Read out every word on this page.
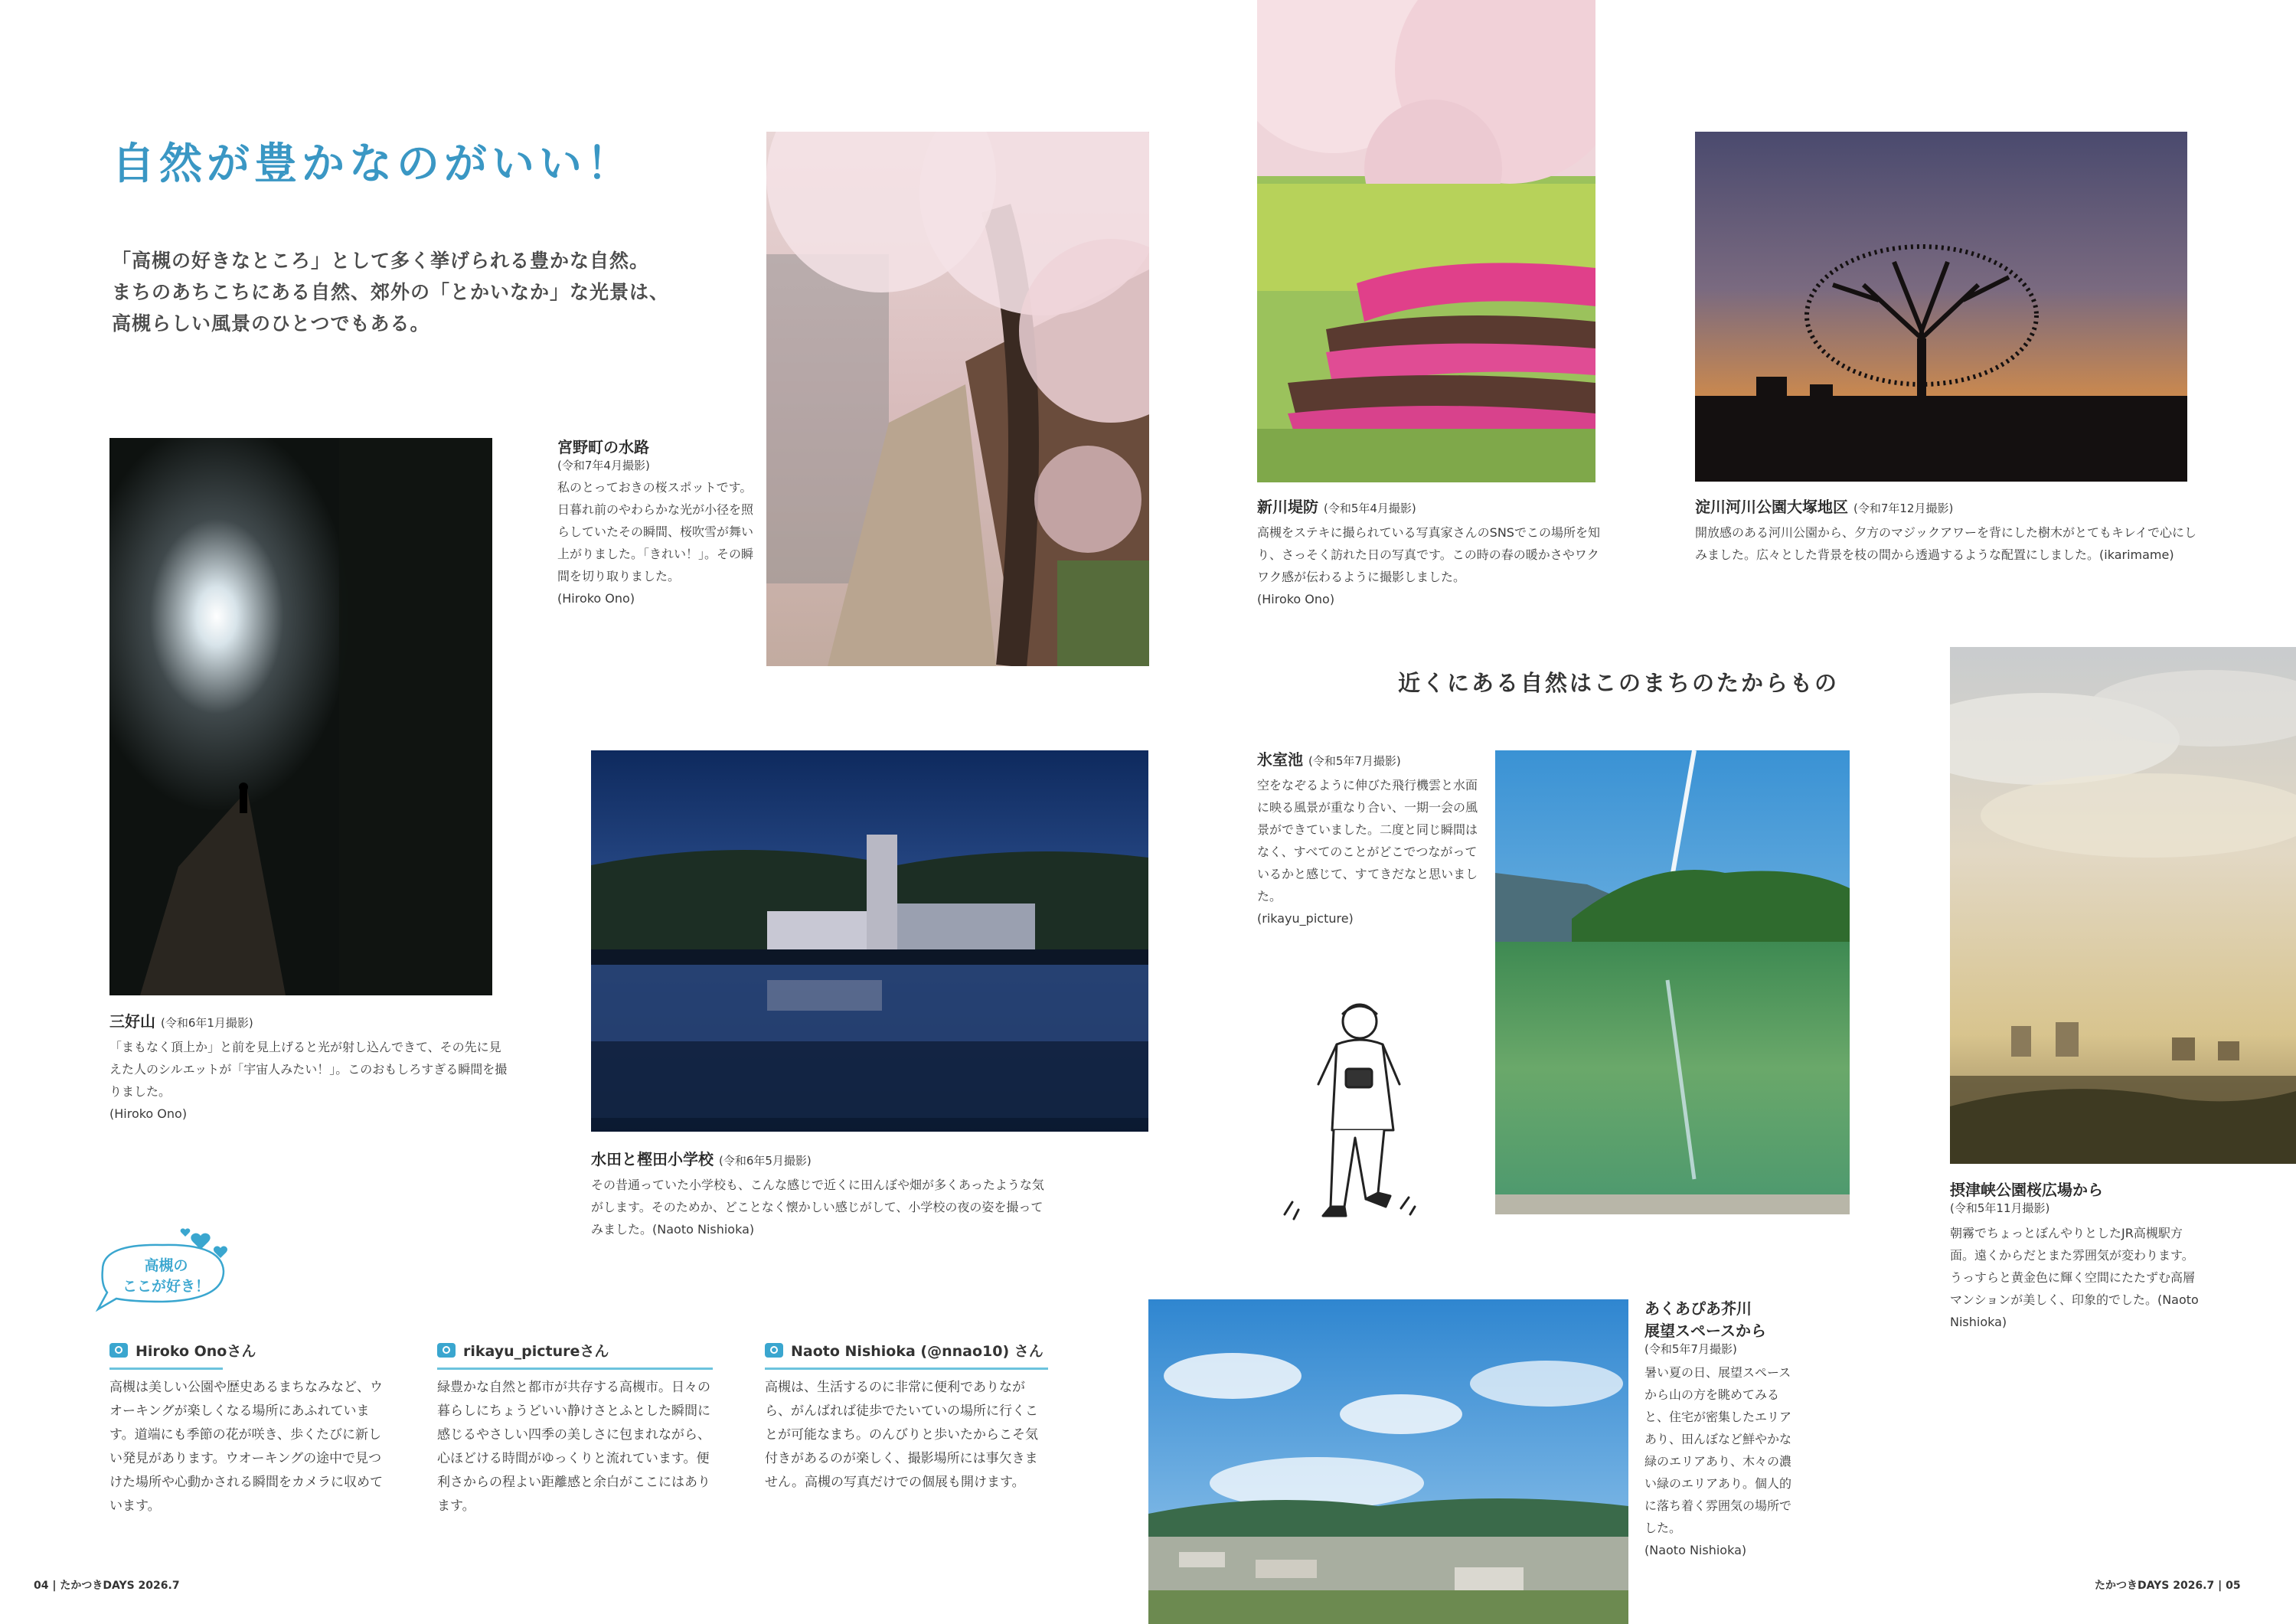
自然が豊かなのがいい！
「高槻の好きなところ」として多く挙げられる豊かな自然。
まちのあちこちにある自然、郊外の「とかいなか」な光景は、
高槻らしい風景のひとつでもある。
宮野町の水路
(令和7年4月撮影)
私のとっておきの桜スポットです。日暮れ前のやわらかな光が小径を照らしていたその瞬間、桜吹雪が舞い上がりました。「きれい！」。その瞬間を切り取りました。
(Hiroko Ono)
新川堤防 (令和5年4月撮影)
高槻をステキに撮られている写真家さんのSNSでこの場所を知り、さっそく訪れた日の写真です。この時の春の暖かさやワクワク感が伝わるように撮影しました。
(Hiroko Ono)
淀川河川公園大塚地区 (令和7年12月撮影)
開放感のある河川公園から、夕方のマジックアワーを背にした樹木がとてもキレイで心にしみました。広々とした背景を枝の間から透過するような配置にしました。(ikarimame)
三好山 (令和6年1月撮影)
「まもなく頂上か」と前を見上げると光が射し込んできて、その先に見えた人のシルエットが「宇宙人みたい！」。このおもしろすぎる瞬間を撮りました。
(Hiroko Ono)
水田と樫田小学校 (令和6年5月撮影)
その昔通っていた小学校も、こんな感じで近くに田んぼや畑が多くあったような気がします。そのためか、どことなく懐かしい感じがして、小学校の夜の姿を撮ってみました。(Naoto Nishioka)
近くにある自然はこのまちのたからもの
氷室池 (令和5年7月撮影)
空をなぞるように伸びた飛行機雲と水面に映る風景が重なり合い、一期一会の風景ができていました。二度と同じ瞬間はなく、すべてのことがどこでつながっているかと感じて、すてきだなと思いました。
(rikayu_picture)
摂津峡公園桜広場から
(令和5年11月撮影)
朝霧でちょっとぼんやりとしたJR高槻駅方面。遠くからだとまた雰囲気が変わります。うっすらと黄金色に輝く空間にたたずむ高層マンションが美しく、印象的でした。(Naoto Nishioka)
あくあぴあ芥川
展望スペースから
(令和5年7月撮影)
暑い夏の日、展望スペースから山の方を眺めてみると、住宅が密集したエリアあり、田んぼなど鮮やかな緑のエリアあり、木々の濃い緑のエリアあり。個人的に落ち着く雰囲気の場所でした。
(Naoto Nishioka)
高槻の
ここが好き！
Hiroko Onoさん
高槻は美しい公園や歴史あるまちなみなど、ウオーキングが楽しくなる場所にあふれています。道端にも季節の花が咲き、歩くたびに新しい発見があります。ウオーキングの途中で見つけた場所や心動かされる瞬間をカメラに収めています。
rikayu_pictureさん
緑豊かな自然と都市が共存する高槻市。日々の暮らしにちょうどいい静けさとふとした瞬間に感じるやさしい四季の美しさに包まれながら、心ほどける時間がゆっくりと流れています。便利さからの程よい距離感と余白がここにはあります。
Naoto Nishioka (@nnao10) さん
高槻は、生活するのに非常に便利でありながら、がんばれば徒歩でたいていの場所に行くことが可能なまち。のんびりと歩いたからこそ気付きがあるのが楽しく、撮影場所には事欠きません。高槻の写真だけでの個展も開けます。
04 | たかつきDAYS 2026.7	たかつきDAYS 2026.7 | 05
